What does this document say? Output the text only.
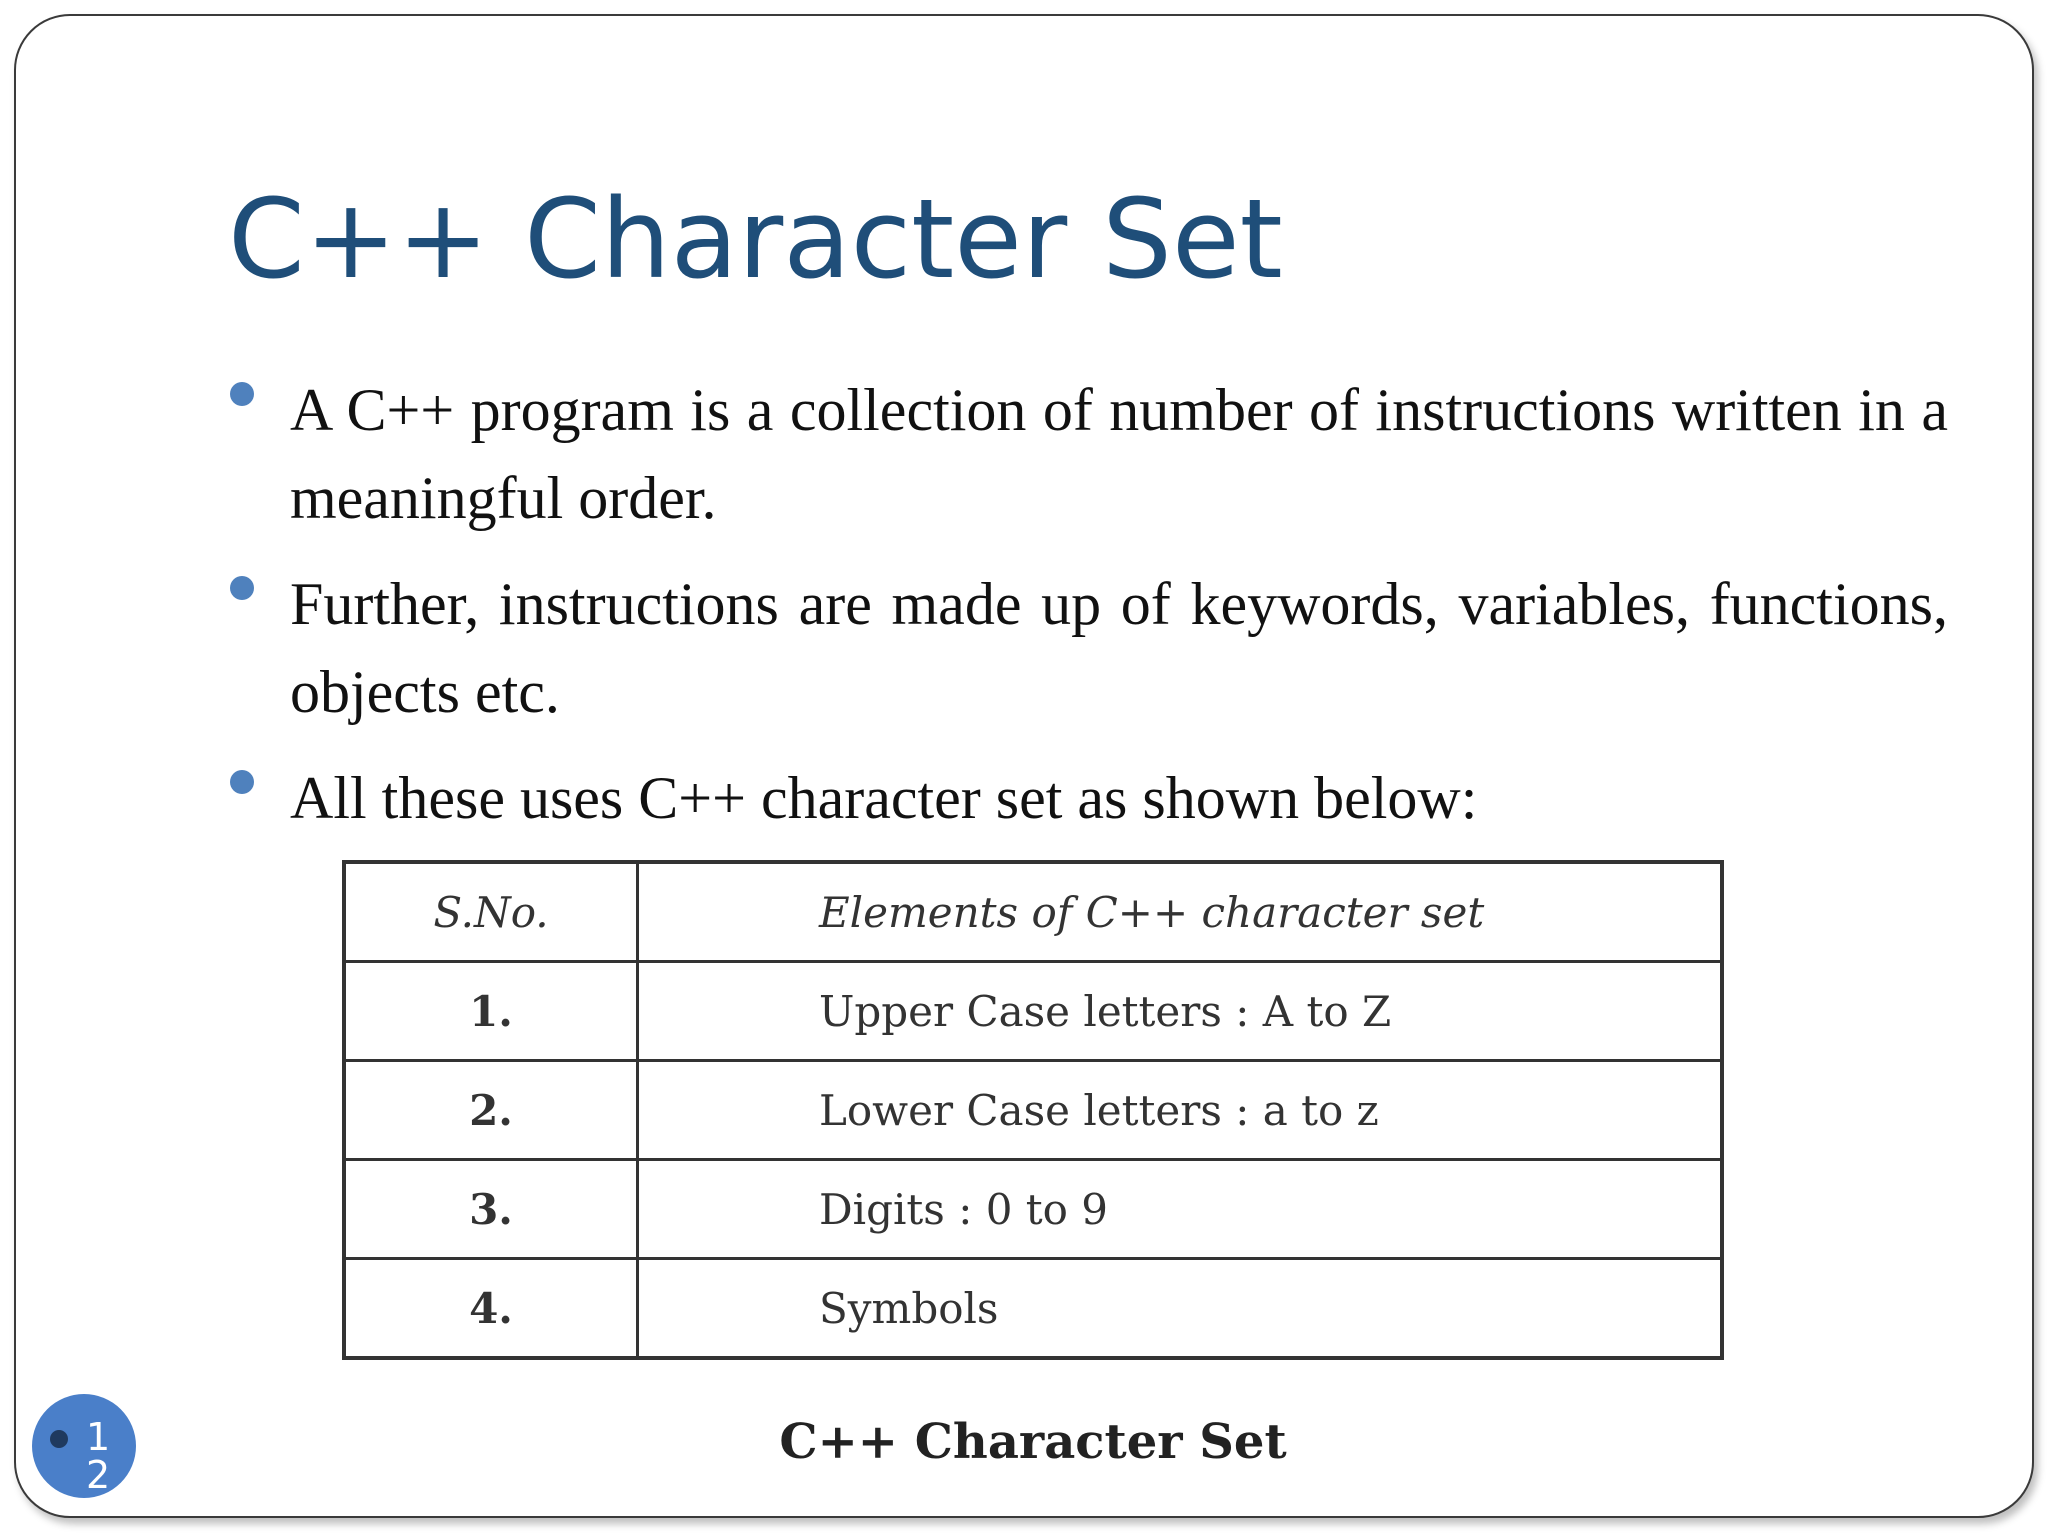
C++ Character Set
A C++ program is a collection of number of instructions written in a meaningful order.
Further, instructions are made up of keywords, variables, functions, objects etc.
All these uses C++ character set as shown below:
S.No.	Elements of C++ character set
1.	Upper Case letters : A to Z
2.	Lower Case letters : a to z
3.	Digits : 0 to 9
4.	Symbols
C++ Character Set
12
